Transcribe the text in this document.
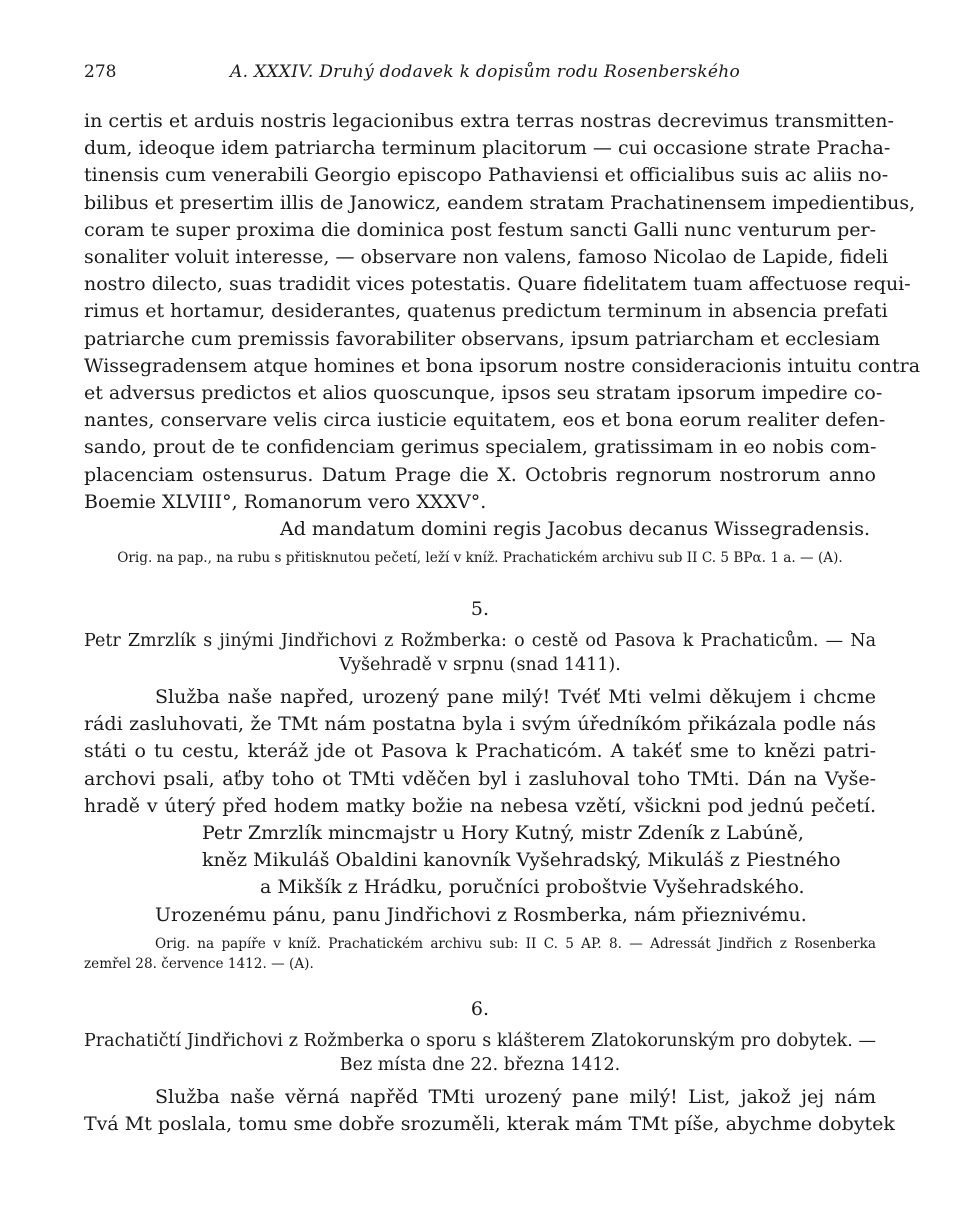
278	A. XXXIV. Druhý dodavek k dopisům rodu Rosenberského
in certis et arduis nostris legacionibus extra terras nostras decrevimus transmitten-
dum, ideoque idem patriarcha terminum placitorum — cui occasione strate Pracha-
tinensis cum venerabili Georgio episcopo Pathaviensi et officialibus suis ac aliis no-
bilibus et presertim illis de Janowicz, eandem stratam Prachatinensem impedientibus,
coram te super proxima die dominica post festum sancti Galli nunc venturum per-
sonaliter voluit interesse, — observare non valens, famoso Nicolao de Lapide, fideli
nostro dilecto, suas tradidit vices potestatis. Quare fidelitatem tuam affectuose requi-
rimus et hortamur, desiderantes, quatenus predictum terminum in absencia prefati
patriarche cum premissis favorabiliter observans, ipsum patriarcham et ecclesiam
Wissegradensem atque homines et bona ipsorum nostre consideracionis intuitu contra
et adversus predictos et alios quoscunque, ipsos seu stratam ipsorum impedire co-
nantes, conservare velis circa iusticie equitatem, eos et bona eorum realiter defen-
sando, prout de te confidenciam gerimus specialem, gratissimam in eo nobis com-
placenciam ostensurus. Datum Prage die X. Octobris regnorum nostrorum anno
Boemie XLVIII°, Romanorum vero XXXV°.
Ad mandatum domini regis Jacobus decanus Wissegradensis.
Orig. na pap., na rubu s přitisknutou pečetí, leží v kníž. Prachatickém archivu sub II C. 5 BPα. 1 a. — (A).
5.
Petr Zmrzlík s jinými Jindřichovi z Rožmberka: o cestě od Pasova k Prachaticům. — Na
Vyšehradě v srpnu (snad 1411).
Služba naše napřed, urozený pane milý! Tvéť Mti velmi děkujem i chcme
rádi zasluhovati, že TMt nám postatna byla i svým úředníkóm přikázala podle nás
státi o tu cestu, kteráž jde ot Pasova k Prachaticóm. A takéť sme to knězi patri-
archovi psali, aťby toho ot TMti vděčen byl i zasluhoval toho TMti. Dán na Vyše-
hradě v úterý před hodem matky božie na nebesa vzětí, všickni pod jednú pečetí.
Petr Zmrzlík mincmajstr u Hory Kutný, mistr Zdeník z Labúně,
kněz Mikuláš Obaldini kanovník Vyšehradský, Mikuláš z Piestného
a Mikšík z Hrádku, poručníci proboštvie Vyšehradského.
Urozenému pánu, panu Jindřichovi z Rosmberka, nám přieznivému.
Orig. na papíře v kníž. Prachatickém archivu sub: II C. 5 AP. 8. — Adressát Jindřich z Rosenberka
zemřel 28. července 1412. — (A).
6.
Prachatičtí Jindřichovi z Rožmberka o sporu s klášterem Zlatokorunským pro dobytek. —
Bez místa dne 22. března 1412.
Služba naše věrná napřěd TMti urozený pane milý! List, jakož jej nám
Tvá Mt poslala, tomu sme dobře srozuměli, kterak mám TMt píše, abychme dobytek
